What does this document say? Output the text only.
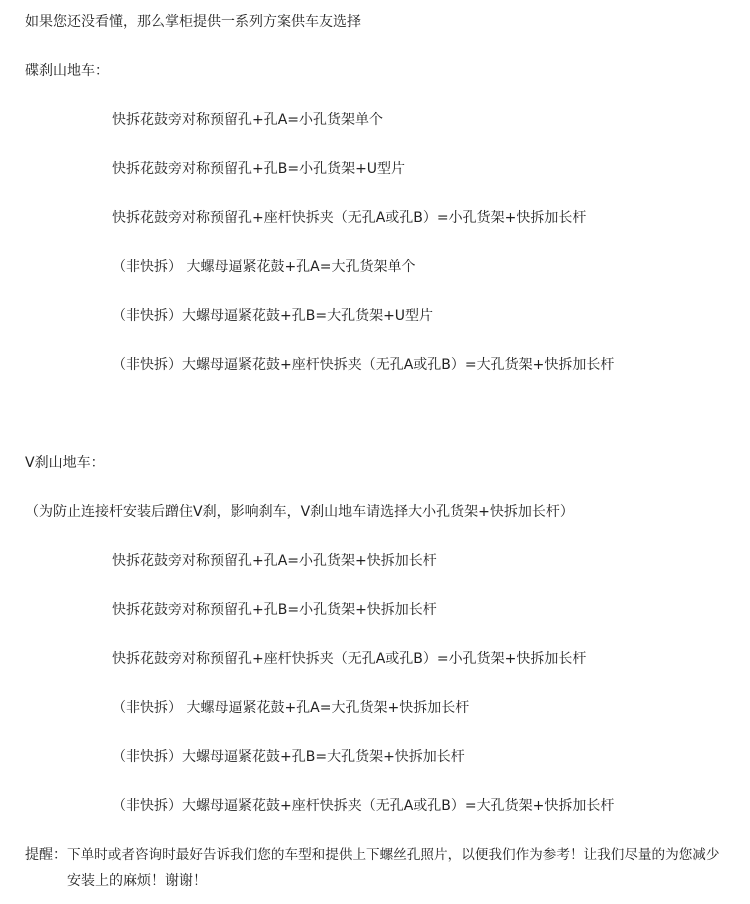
如果您还没看懂，那么掌柜提供一系列方案供车友选择
碟刹山地车：
快拆花鼓旁对称预留孔+孔A=小孔货架单个
快拆花鼓旁对称预留孔+孔B=小孔货架+U型片
快拆花鼓旁对称预留孔+座杆快拆夹（无孔A或孔B）=小孔货架+快拆加长杆
（非快拆） 大螺母逼紧花鼓+孔A=大孔货架单个
（非快拆）大螺母逼紧花鼓+孔B=大孔货架+U型片
（非快拆）大螺母逼紧花鼓+座杆快拆夹（无孔A或孔B）=大孔货架+快拆加长杆
V刹山地车：
（为防止连接杆安装后蹭住V刹，影响刹车，V刹山地车请选择大小孔货架+快拆加长杆）
快拆花鼓旁对称预留孔+孔A=小孔货架+快拆加长杆
快拆花鼓旁对称预留孔+孔B=小孔货架+快拆加长杆
快拆花鼓旁对称预留孔+座杆快拆夹（无孔A或孔B）=小孔货架+快拆加长杆
（非快拆） 大螺母逼紧花鼓+孔A=大孔货架+快拆加长杆
（非快拆）大螺母逼紧花鼓+孔B=大孔货架+快拆加长杆
（非快拆）大螺母逼紧花鼓+座杆快拆夹（无孔A或孔B）=大孔货架+快拆加长杆
提醒： 下单时或者咨询时最好告诉我们您的车型和提供上下螺丝孔照片，以便我们作为参考！让我们尽量的为您减少
安装上的麻烦！谢谢！
